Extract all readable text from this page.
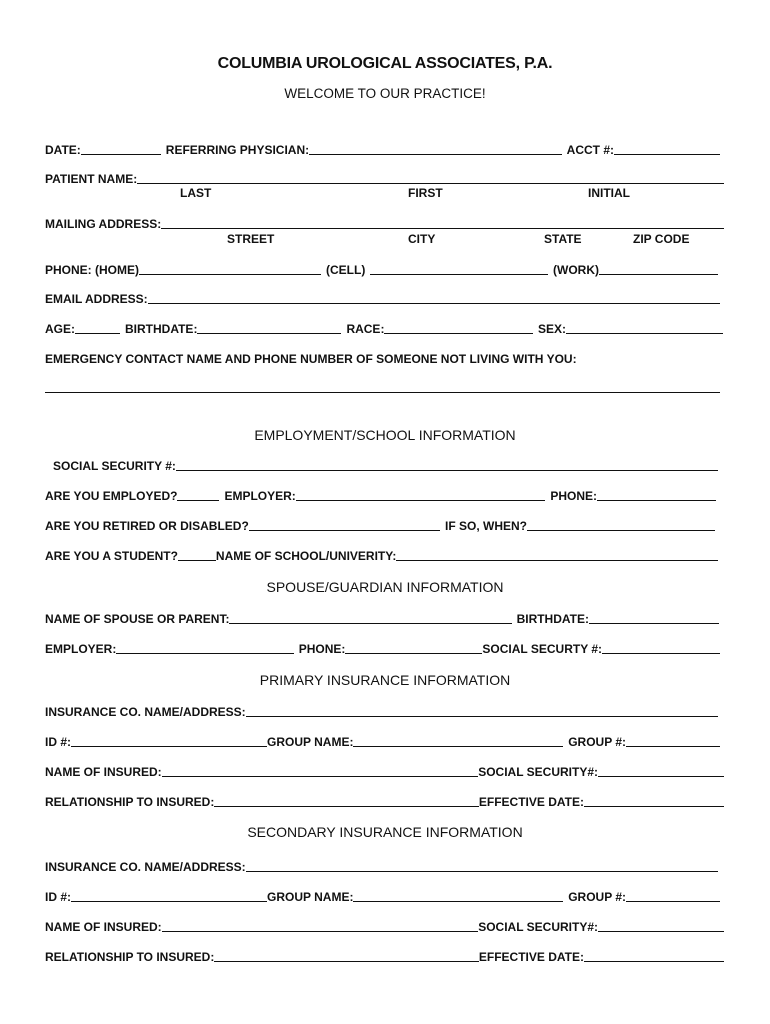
COLUMBIA UROLOGICAL ASSOCIATES, P.A.
WELCOME TO OUR PRACTICE!
DATE:	REFERRING PHYSICIAN:	ACCT #:
PATIENT NAME:
LAST	FIRST	INITIAL
MAILING ADDRESS:
STREET	CITY	STATE	ZIP CODE
PHONE: (HOME)	(CELL)	(WORK)
EMAIL ADDRESS:
AGE:	BIRTHDATE:	RACE:	SEX:
EMERGENCY CONTACT NAME AND PHONE NUMBER OF SOMEONE NOT LIVING WITH YOU:
EMPLOYMENT/SCHOOL INFORMATION
SOCIAL SECURITY #:
ARE YOU EMPLOYED?	EMPLOYER:	PHONE:
ARE YOU RETIRED OR DISABLED?	IF SO, WHEN?
ARE YOU A STUDENT?	NAME OF SCHOOL/UNIVERITY:
SPOUSE/GUARDIAN INFORMATION
NAME OF SPOUSE OR PARENT:	BIRTHDATE:
EMPLOYER:	PHONE:	SOCIAL SECURTY #:
PRIMARY INSURANCE INFORMATION
INSURANCE CO. NAME/ADDRESS:
ID #:	GROUP NAME:	GROUP #:
NAME OF INSURED:	SOCIAL SECURITY#:
RELATIONSHIP TO INSURED:	EFFECTIVE DATE:
SECONDARY INSURANCE INFORMATION
INSURANCE CO. NAME/ADDRESS:
ID #:	GROUP NAME:	GROUP #:
NAME OF INSURED:	SOCIAL SECURITY#:
RELATIONSHIP TO INSURED:	EFFECTIVE DATE:
